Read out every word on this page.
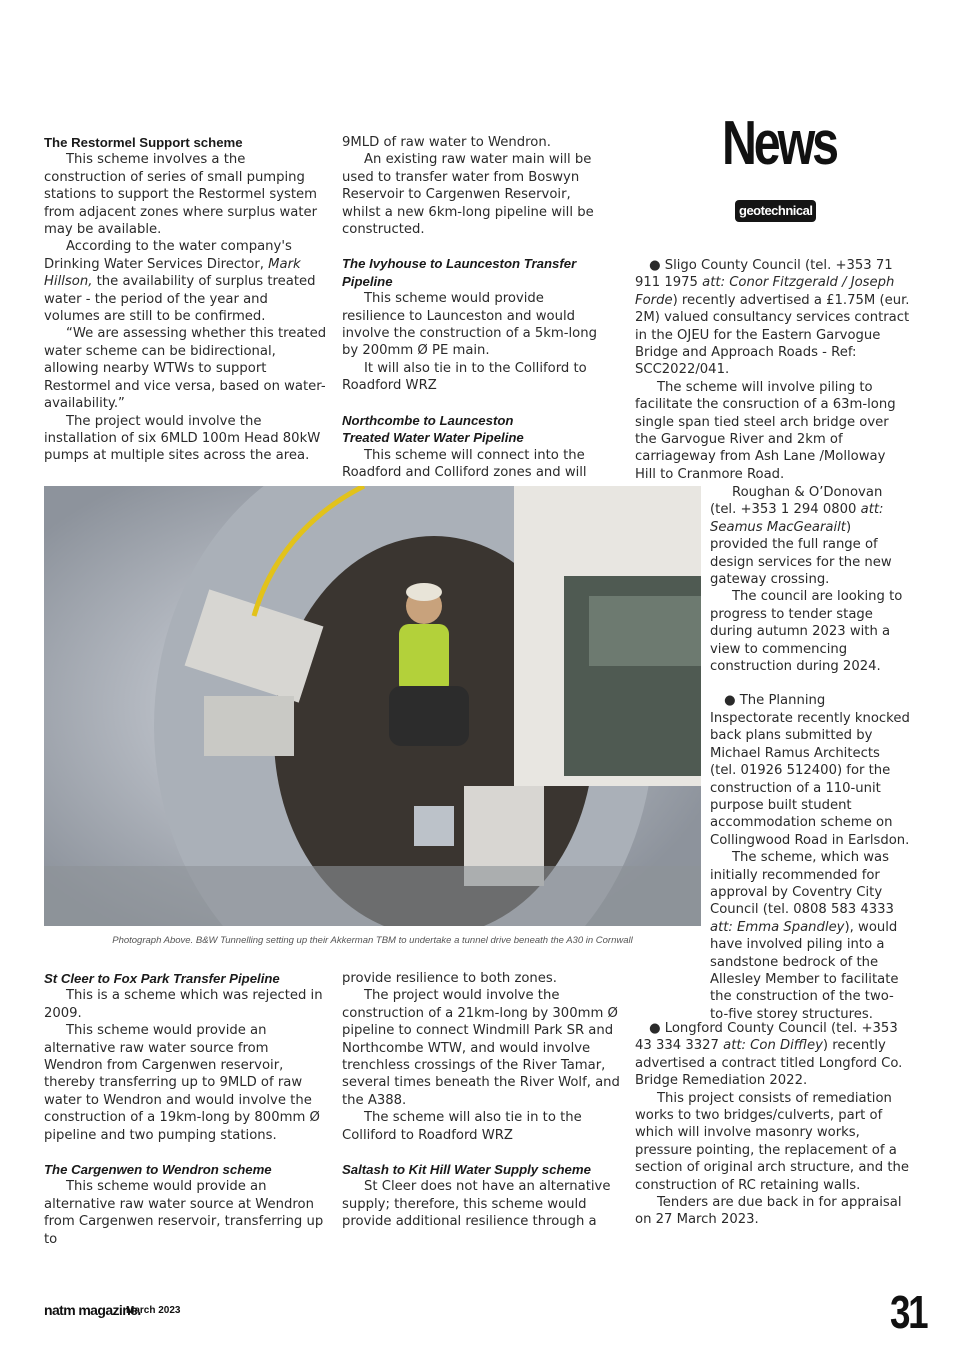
News
geotechnical
The Restormel Support scheme

This scheme involves a the construction of series of small pumping stations to support the Restormel system from adjacent zones where surplus water may be available.

According to the water company's Drinking Water Services Director, Mark Hillson, the availability of surplus treated water - the period of the year and volumes are still to be confirmed.

“We are assessing whether this treated water scheme can be bidirectional, allowing nearby WTWs to support Restormel and vice versa, based on water-availability.”

The project would involve the installation of six 6MLD 100m Head 80kW pumps at multiple sites across the area.

9MLD of raw water to Wendron.

An existing raw water main will be used to transfer water from Boswyn Reservoir to Cargenwen Reservoir, whilst a new 6km-long pipeline will be constructed.

The Ivyhouse to Launceston Transfer Pipeline

This scheme would provide resilience to Launceston and would involve the construction of a 5km-long by 200mm Ø PE main.

It will also tie in to the Colliford to Roadford WRZ

Northcombe to Launceston
Treated Water Water Pipeline

This scheme will connect into the Roadford and Colliford zones and will

● Sligo County Council (tel. +353 71 911 1975 att: Conor Fitzgerald / Joseph Forde) recently advertised a £1.75M (eur. 2M) valued consultancy services contract in the OJEU for the Eastern Garvogue Bridge and Approach Roads - Ref: SCC2022/041.

The scheme will involve piling to facilitate the consruction of a 63m-long single span tied steel arch bridge over the Garvogue River and 2km of carriageway from Ash Lane /Molloway Hill to Cranmore Road.

Roughan & O’Donovan (tel. +353 1 294 0800 att: Seamus MacGearailt) provided the full range of design services for the new gateway crossing.

The council are looking to progress to tender stage during autumn 2023 with a view to commencing construction during 2024.

● The Planning Inspectorate recently knocked back plans submitted by Michael Ramus Architects (tel. 01926 512400) for the construction of a 110-unit purpose built student accommodation scheme on Collingwood Road in Earlsdon.

The scheme, which was initially recommended for approval by Coventry City Council (tel. 0808 583 4333 att: Emma Spandley), would have involved piling into a sandstone bedrock of the Allesley Member to facilitate the construction of the two-to-five storey structures.

● Longford County Council (tel. +353 43 334 3327 att: Con Diffley) recently advertised a contract titled Longford Co. Bridge Remediation 2022.

This project consists of remediation works to two bridges/culverts, part of which will involve masonry works, pressure pointing, the replacement of a section of original arch structure, and the construction of RC retaining walls.

Tenders are due back in for appraisal on 27 March 2023.

Photograph Above. B&W Tunnelling setting up their Akkerman TBM to undertake a tunnel drive beneath the A30 in Cornwall
St Cleer to Fox Park Transfer Pipeline

This is a scheme which was rejected in 2009.

This scheme would provide an alternative raw water source from Wendron from Cargenwen reservoir, thereby transferring up to 9MLD of raw water to Wendron and would involve the construction of a 19km-long by 800mm Ø pipeline and two pumping stations.

The Cargenwen to Wendron scheme

This scheme would provide an alternative raw water source at Wendron from Cargenwen reservoir, transferring up to

provide resilience to both zones.

The project would involve the construction of a 21km-long by 300mm Ø pipeline to connect Windmill Park SR and Northcombe WTW, and would involve trenchless crossings of the River Tamar, several times beneath the River Wolf, and the A388.

The scheme will also tie in to the Colliford to Roadford WRZ

Saltash to Kit Hill Water Supply scheme

St Cleer does not have an alternative supply; therefore, this scheme would provide additional resilience through a

natm magazine.
March 2023	31
